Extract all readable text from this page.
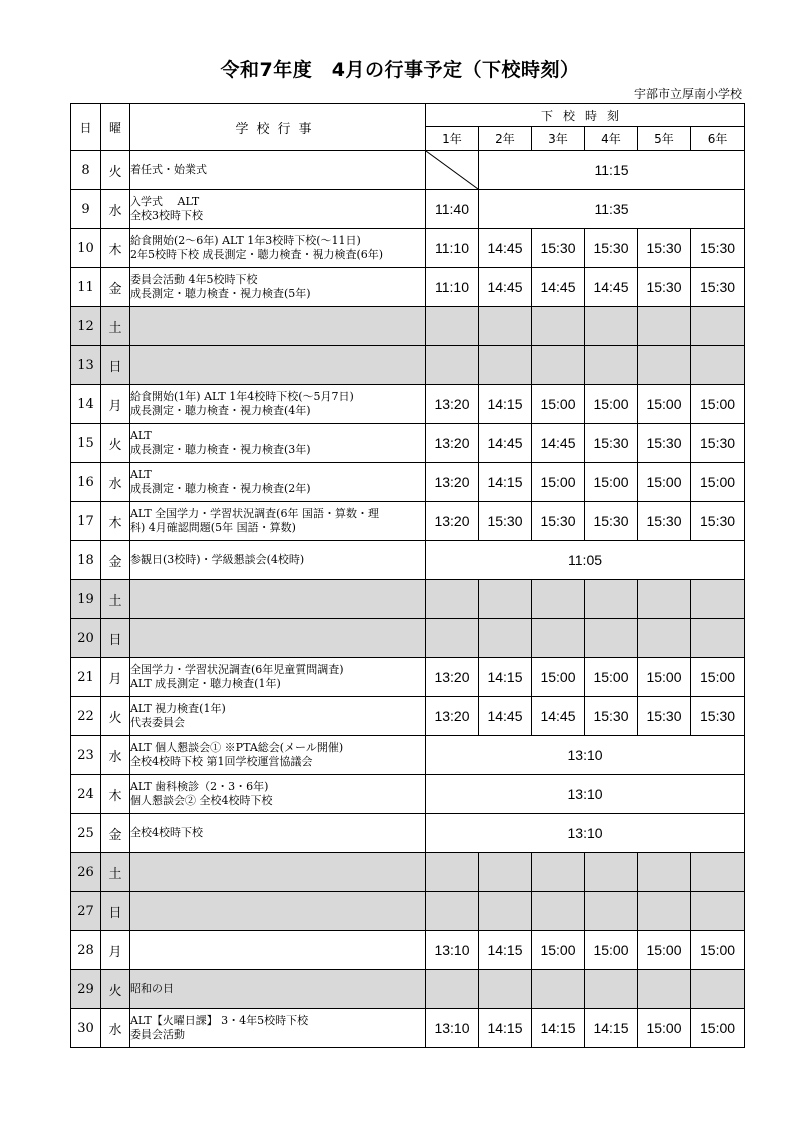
令和7年度　4月の行事予定（下校時刻）
宇部市立厚南小学校
日	曜	学校行事	下校時刻					
			1年	2年	3年	4年	5年	6年
8	火	着任式・始業式		11:15				
9	水	入学式　 ALT
全校3校時下校	11:40	11:35				
10	木	給食開始(2～6年) ALT 1年3校時下校(～11日)
2年5校時下校 成長測定・聴力検査・視力検査(6年)	11:10	14:45	15:30	15:30	15:30	15:30
11	金	委員会活動 4年5校時下校
成長測定・聴力検査・視力検査(5年)	11:10	14:45	14:45	14:45	15:30	15:30
12	土							
13	日							
14	月	給食開始(1年) ALT 1年4校時下校(～5月7日)
成長測定・聴力検査・視力検査(4年)	13:20	14:15	15:00	15:00	15:00	15:00
15	火	ALT
成長測定・聴力検査・視力検査(3年)	13:20	14:45	14:45	15:30	15:30	15:30
16	水	ALT
成長測定・聴力検査・視力検査(2年)	13:20	14:15	15:00	15:00	15:00	15:00
17	木	ALT 全国学力・学習状況調査(6年 国語・算数・理
科) 4月確認問題(5年 国語・算数)	13:20	15:30	15:30	15:30	15:30	15:30
18	金	参観日(3校時)・学級懇談会(4校時)	11:05					
19	土							
20	日							
21	月	全国学力・学習状況調査(6年児童質問調査)
ALT 成長測定・聴力検査(1年)	13:20	14:15	15:00	15:00	15:00	15:00
22	火	ALT 視力検査(1年)
代表委員会	13:20	14:45	14:45	15:30	15:30	15:30
23	水	ALT 個人懇談会① ※PTA総会(メール開催)
全校4校時下校 第1回学校運営協議会	13:10					
24	木	ALT 歯科検診（2・3・6年)
個人懇談会② 全校4校時下校	13:10					
25	金	全校4校時下校	13:10					
26	土							
27	日							
28	月		13:10	14:15	15:00	15:00	15:00	15:00
29	火	昭和の日						

30	水	ALT【火曜日課】 3・4年5校時下校
委員会活動	13:10	14:15	14:15	14:15	15:00	15:00
